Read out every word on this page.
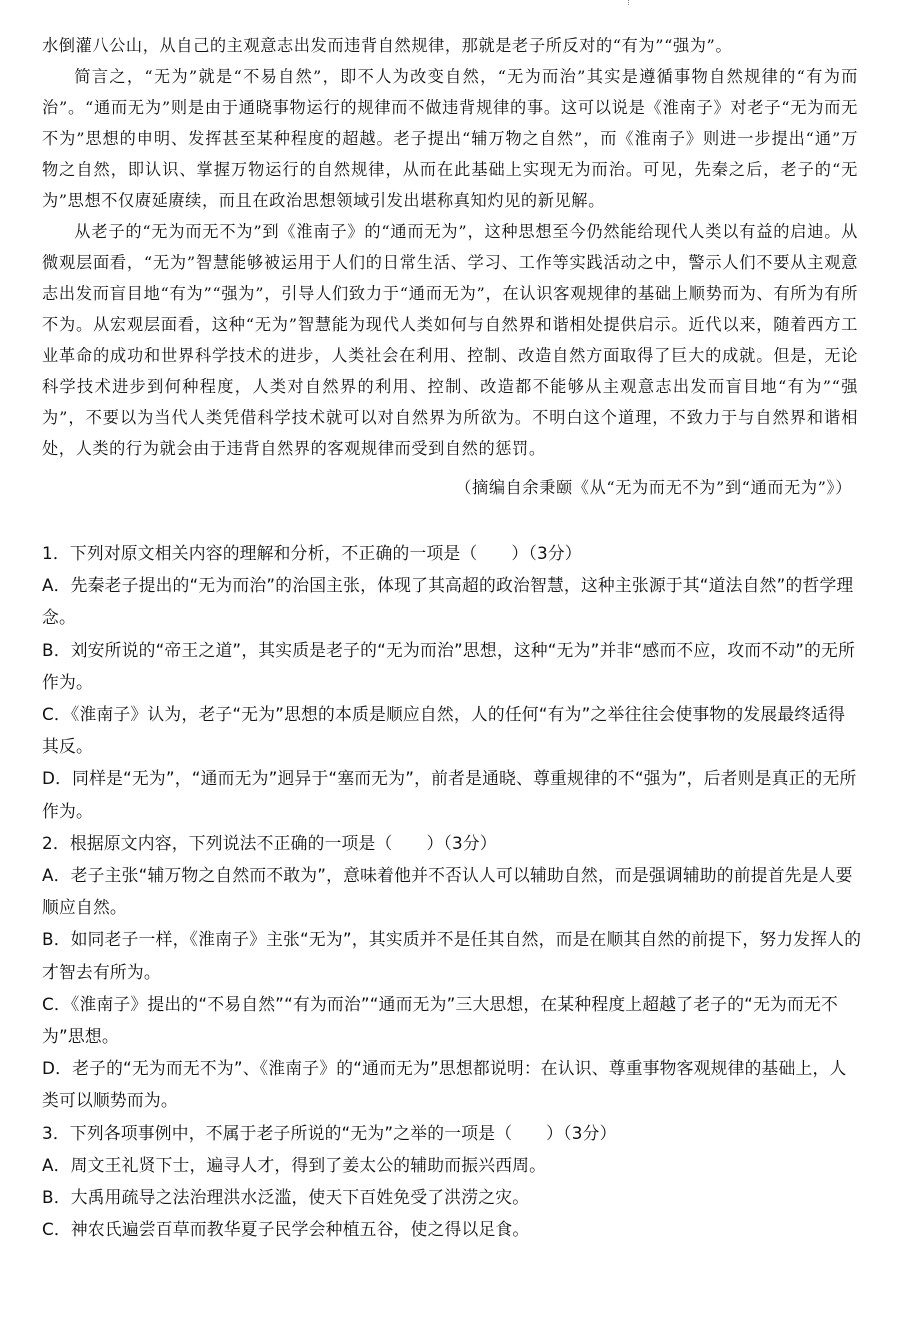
水倒灌八公山，从自己的主观意志出发而违背自然规律，那就是老子所反对的“有为”“强为”。

简言之，“无为”就是“不易自然”，即不人为改变自然，“无为而治”其实是遵循事物自然规律的“有为而治”。“通而无为”则是由于通晓事物运行的规律而不做违背规律的事。这可以说是《淮南子》对老子“无为而无不为”思想的申明、发挥甚至某种程度的超越。老子提出“辅万物之自然”，而《淮南子》则进一步提出“通”万物之自然，即认识、掌握万物运行的自然规律，从而在此基础上实现无为而治。可见，先秦之后，老子的“无为”思想不仅赓延赓续，而且在政治思想领域引发出堪称真知灼见的新见解。

从老子的“无为而无不为”到《淮南子》的“通而无为”，这种思想至今仍然能给现代人类以有益的启迪。从微观层面看，“无为”智慧能够被运用于人们的日常生活、学习、工作等实践活动之中，警示人们不要从主观意志出发而盲目地“有为”“强为”，引导人们致力于“通而无为”，在认识客观规律的基础上顺势而为、有所为有所不为。从宏观层面看，这种“无为”智慧能为现代人类如何与自然界和谐相处提供启示。近代以来，随着西方工业革命的成功和世界科学技术的进步，人类社会在利用、控制、改造自然方面取得了巨大的成就。但是，无论科学技术进步到何种程度，人类对自然界的利用、控制、改造都不能够从主观意志出发而盲目地“有为”“强为”，不要以为当代人类凭借科学技术就可以对自然界为所欲为。不明白这个道理，不致力于与自然界和谐相处，人类的行为就会由于违背自然界的客观规律而受到自然的惩罚。

（摘编自余秉颐《从“无为而无不为”到“通而无为”》）

1．下列对原文相关内容的理解和分析，不正确的一项是（　　）（3分）

A．先秦老子提出的“无为而治”的治国主张，体现了其高超的政治智慧，这种主张源于其“道法自然”的哲学理念。

B．刘安所说的“帝王之道”，其实质是老子的“无为而治”思想，这种“无为”并非“感而不应，攻而不动”的无所作为。

C．《淮南子》认为，老子“无为”思想的本质是顺应自然，人的任何“有为”之举往往会使事物的发展最终适得其反。

D．同样是“无为”，“通而无为”迥异于“塞而无为”，前者是通晓、尊重规律的不“强为”，后者则是真正的无所作为。

2．根据原文内容，下列说法不正确的一项是（　　）（3分）

A．老子主张“辅万物之自然而不敢为”，意味着他并不否认人可以辅助自然，而是强调辅助的前提首先是人要顺应自然。

B．如同老子一样，《淮南子》主张“无为”，其实质并不是任其自然，而是在顺其自然的前提下，努力发挥人的才智去有所为。

C．《淮南子》提出的“不易自然”“有为而治”“通而无为”三大思想，在某种程度上超越了老子的“无为而无不为”思想。

D．老子的“无为而无不为”、《淮南子》的“通而无为”思想都说明：在认识、尊重事物客观规律的基础上，人类可以顺势而为。

3．下列各项事例中，不属于老子所说的“无为”之举的一项是（　　）（3分）

A．周文王礼贤下士，遍寻人才，得到了姜太公的辅助而振兴西周。

B．大禹用疏导之法治理洪水泛滥，使天下百姓免受了洪涝之灾。

C．神农氏遍尝百草而教华夏子民学会种植五谷，使之得以足食。
